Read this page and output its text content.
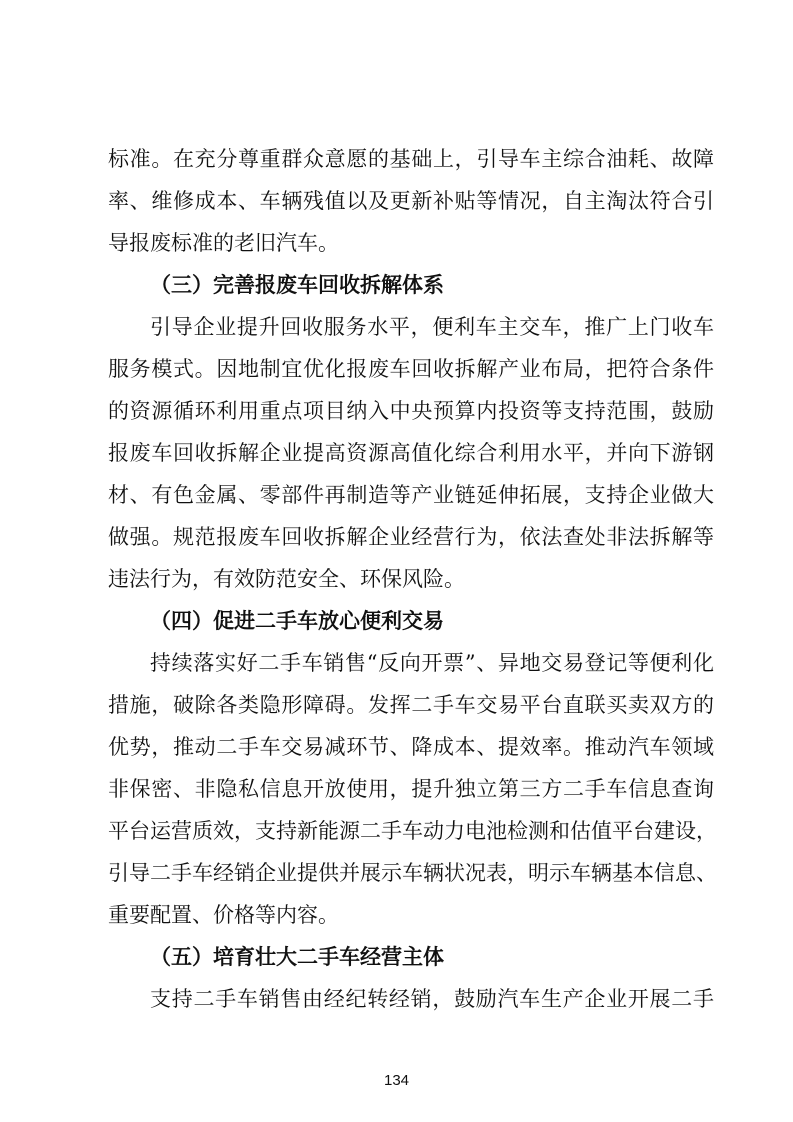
标准。在充分尊重群众意愿的基础上，引导车主综合油耗、故障
率、维修成本、车辆残值以及更新补贴等情况，自主淘汰符合引
导报废标准的老旧汽车。
（三）完善报废车回收拆解体系
引导企业提升回收服务水平，便利车主交车，推广上门收车
服务模式。因地制宜优化报废车回收拆解产业布局，把符合条件
的资源循环利用重点项目纳入中央预算内投资等支持范围，鼓励
报废车回收拆解企业提高资源高值化综合利用水平，并向下游钢
材、有色金属、零部件再制造等产业链延伸拓展，支持企业做大
做强。规范报废车回收拆解企业经营行为，依法查处非法拆解等
违法行为，有效防范安全、环保风险。
（四）促进二手车放心便利交易
持续落实好二手车销售“反向开票”、异地交易登记等便利化
措施，破除各类隐形障碍。发挥二手车交易平台直联买卖双方的
优势，推动二手车交易减环节、降成本、提效率。推动汽车领域
非保密、非隐私信息开放使用，提升独立第三方二手车信息查询
平台运营质效，支持新能源二手车动力电池检测和估值平台建设，
引导二手车经销企业提供并展示车辆状况表，明示车辆基本信息、
重要配置、价格等内容。
（五）培育壮大二手车经营主体
支持二手车销售由经纪转经销，鼓励汽车生产企业开展二手
134
